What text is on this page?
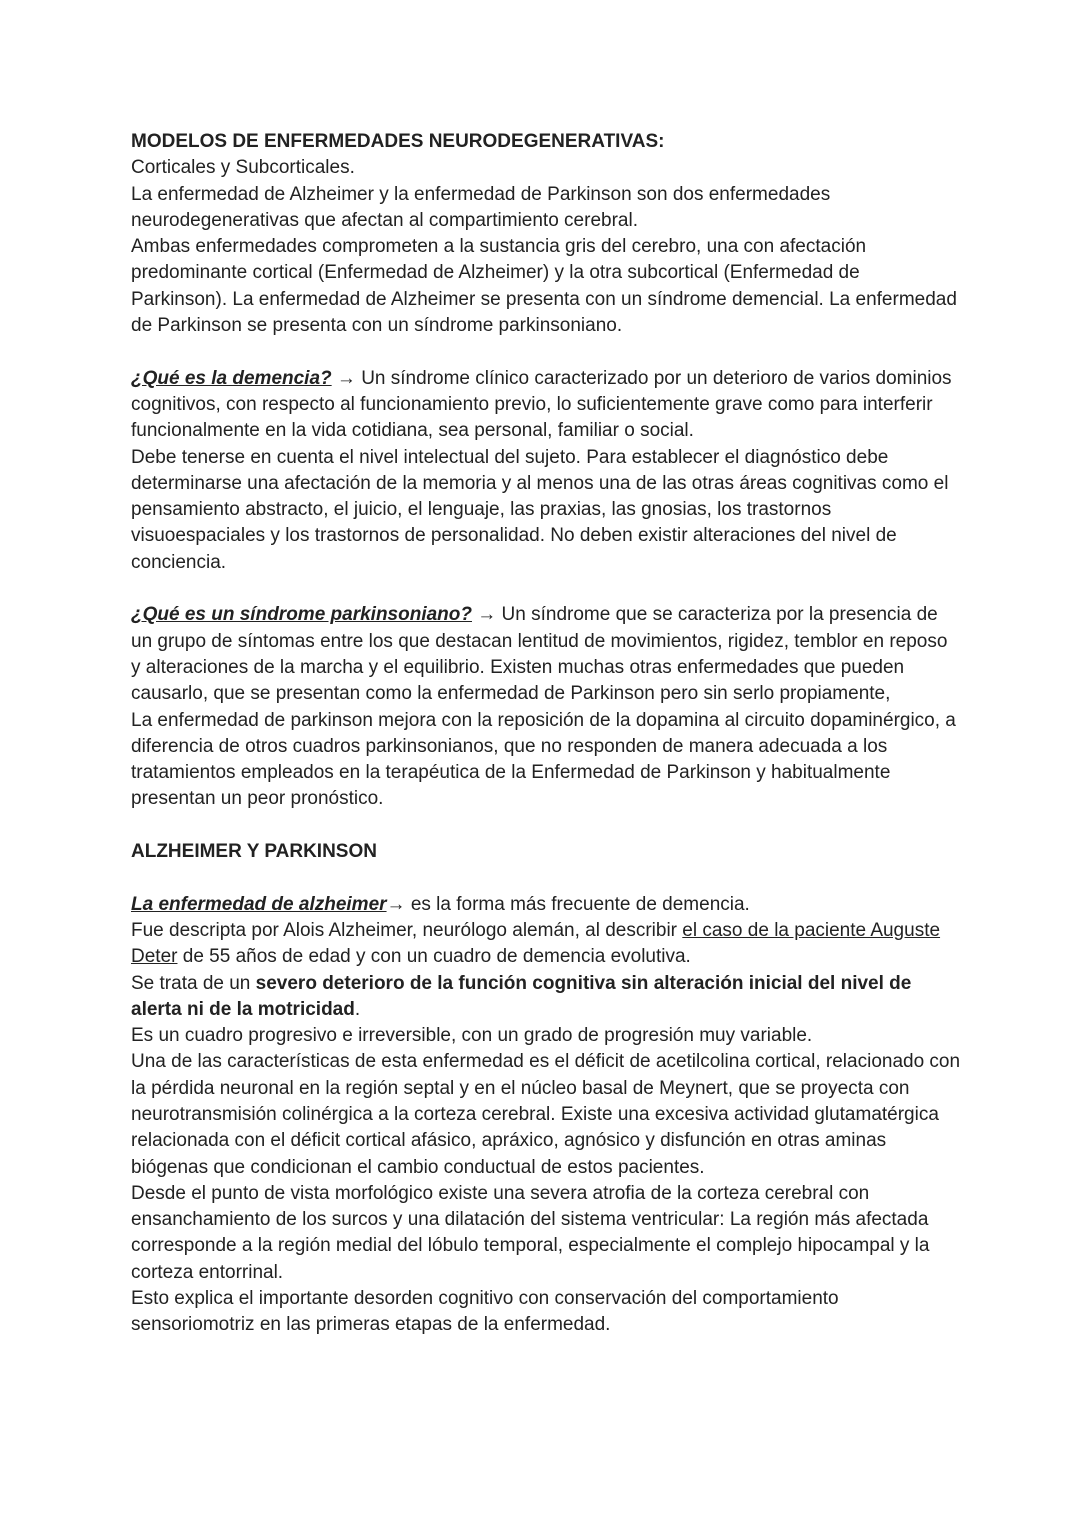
MODELOS DE ENFERMEDADES NEURODEGENERATIVAS:

Corticales y Subcorticales.

La enfermedad de Alzheimer y la enfermedad de Parkinson son dos enfermedades neurodegenerativas que afectan al compartimiento cerebral.

Ambas enfermedades comprometen a la sustancia gris del cerebro, una con afectación predominante cortical (Enfermedad de Alzheimer) y la otra subcortical (Enfermedad de Parkinson). La enfermedad de Alzheimer se presenta con un síndrome demencial. La enfermedad de Parkinson se presenta con un síndrome parkinsoniano.

¿Qué es la demencia? → Un síndrome clínico caracterizado por un deterioro de varios dominios cognitivos, con respecto al funcionamiento previo, lo suficientemente grave como para interferir funcionalmente en la vida cotidiana, sea personal, familiar o social.

Debe tenerse en cuenta el nivel intelectual del sujeto. Para establecer el diagnóstico debe determinarse una afectación de la memoria y al menos una de las otras áreas cognitivas como el pensamiento abstracto, el juicio, el lenguaje, las praxias, las gnosias, los trastornos visuoespaciales y los trastornos de personalidad. No deben existir alteraciones del nivel de conciencia.

¿Qué es un síndrome parkinsoniano? → Un síndrome que se caracteriza por la presencia de un grupo de síntomas entre los que destacan lentitud de movimientos, rigidez, temblor en reposo y alteraciones de la marcha y el equilibrio. Existen muchas otras enfermedades que pueden causarlo, que se presentan como la enfermedad de Parkinson pero sin serlo propiamente,

La enfermedad de parkinson mejora con la reposición de la dopamina al circuito dopaminérgico, a diferencia de otros cuadros parkinsonianos, que no responden de manera adecuada a los tratamientos empleados en la terapéutica de la Enfermedad de Parkinson y habitualmente presentan un peor pronóstico.

ALZHEIMER Y PARKINSON

La enfermedad de alzheimer→ es la forma más frecuente de demencia.

Fue descripta por Alois Alzheimer, neurólogo alemán, al describir el caso de la paciente Auguste Deter de 55 años de edad y con un cuadro de demencia evolutiva.

Se trata de un severo deterioro de la función cognitiva sin alteración inicial del nivel de alerta ni de la motricidad.

Es un cuadro progresivo e irreversible, con un grado de progresión muy variable.

Una de las características de esta enfermedad es el déficit de acetilcolina cortical, relacionado con la pérdida neuronal en la región septal y en el núcleo basal de Meynert, que se proyecta con neurotransmisión colinérgica a la corteza cerebral. Existe una excesiva actividad glutamatérgica relacionada con el déficit cortical afásico, apráxico, agnósico y disfunción en otras aminas biógenas que condicionan el cambio conductual de estos pacientes.

Desde el punto de vista morfológico existe una severa atrofia de la corteza cerebral con ensanchamiento de los surcos y una dilatación del sistema ventricular: La región más afectada corresponde a la región medial del lóbulo temporal, especialmente el complejo hipocampal y la corteza entorrinal.

Esto explica el importante desorden cognitivo con conservación del comportamiento sensoriomotriz en las primeras etapas de la enfermedad.
